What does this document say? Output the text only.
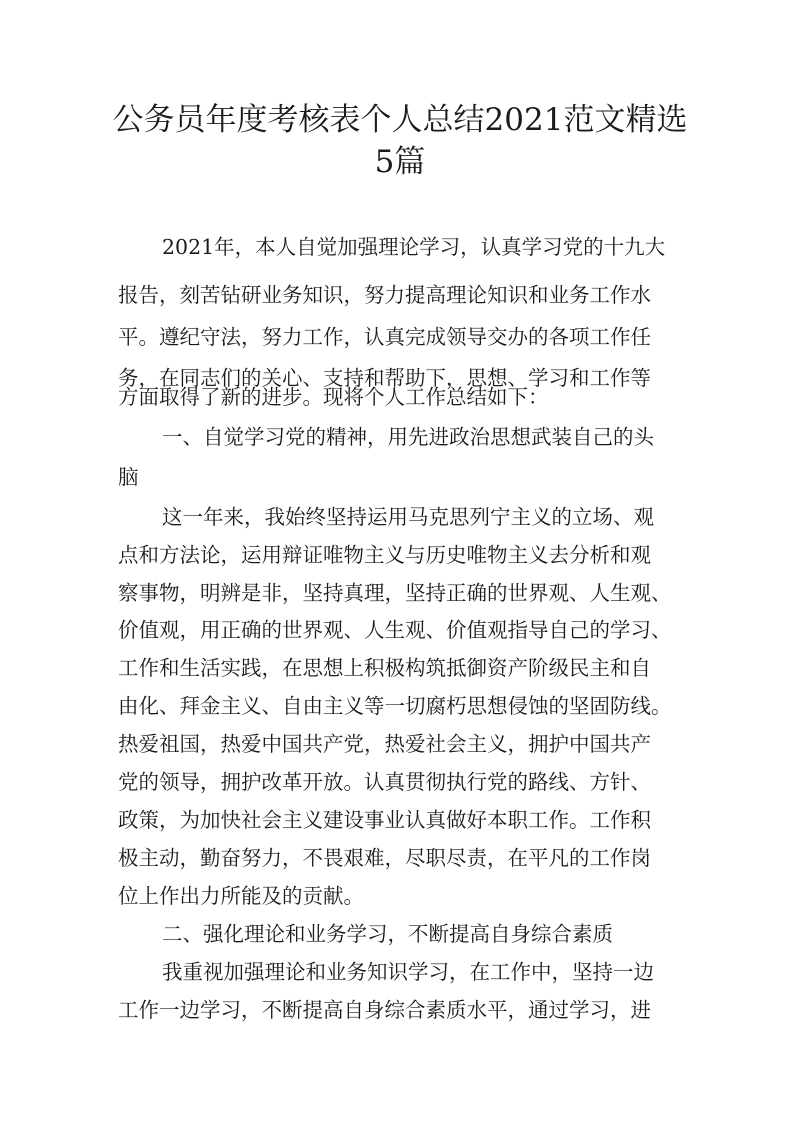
公务员年度考核表个人总结2021范文精选
5篇
2021年，本人自觉加强理论学习，认真学习党的十九大
报告，刻苦钻研业务知识，努力提高理论知识和业务工作水
平。遵纪守法，努力工作，认真完成领导交办的各项工作任
务，在同志们的关心、支持和帮助下，思想、学习和工作等
方面取得了新的进步。现将个人工作总结如下：
一、自觉学习党的精神，用先进政治思想武装自己的头
脑
这一年来，我始终坚持运用马克思列宁主义的立场、观
点和方法论，运用辩证唯物主义与历史唯物主义去分析和观
察事物，明辨是非，坚持真理，坚持正确的世界观、人生观、
价值观，用正确的世界观、人生观、价值观指导自己的学习、
工作和生活实践，在思想上积极构筑抵御资产阶级民主和自
由化、拜金主义、自由主义等一切腐朽思想侵蚀的坚固防线。
热爱祖国，热爱中国共产党，热爱社会主义，拥护中国共产
党的领导，拥护改革开放。认真贯彻执行党的路线、方针、
政策，为加快社会主义建设事业认真做好本职工作。工作积
极主动，勤奋努力，不畏艰难，尽职尽责，在平凡的工作岗
位上作出力所能及的贡献。
二、强化理论和业务学习，不断提高自身综合素质
我重视加强理论和业务知识学习，在工作中，坚持一边
工作一边学习，不断提高自身综合素质水平，通过学习，进
